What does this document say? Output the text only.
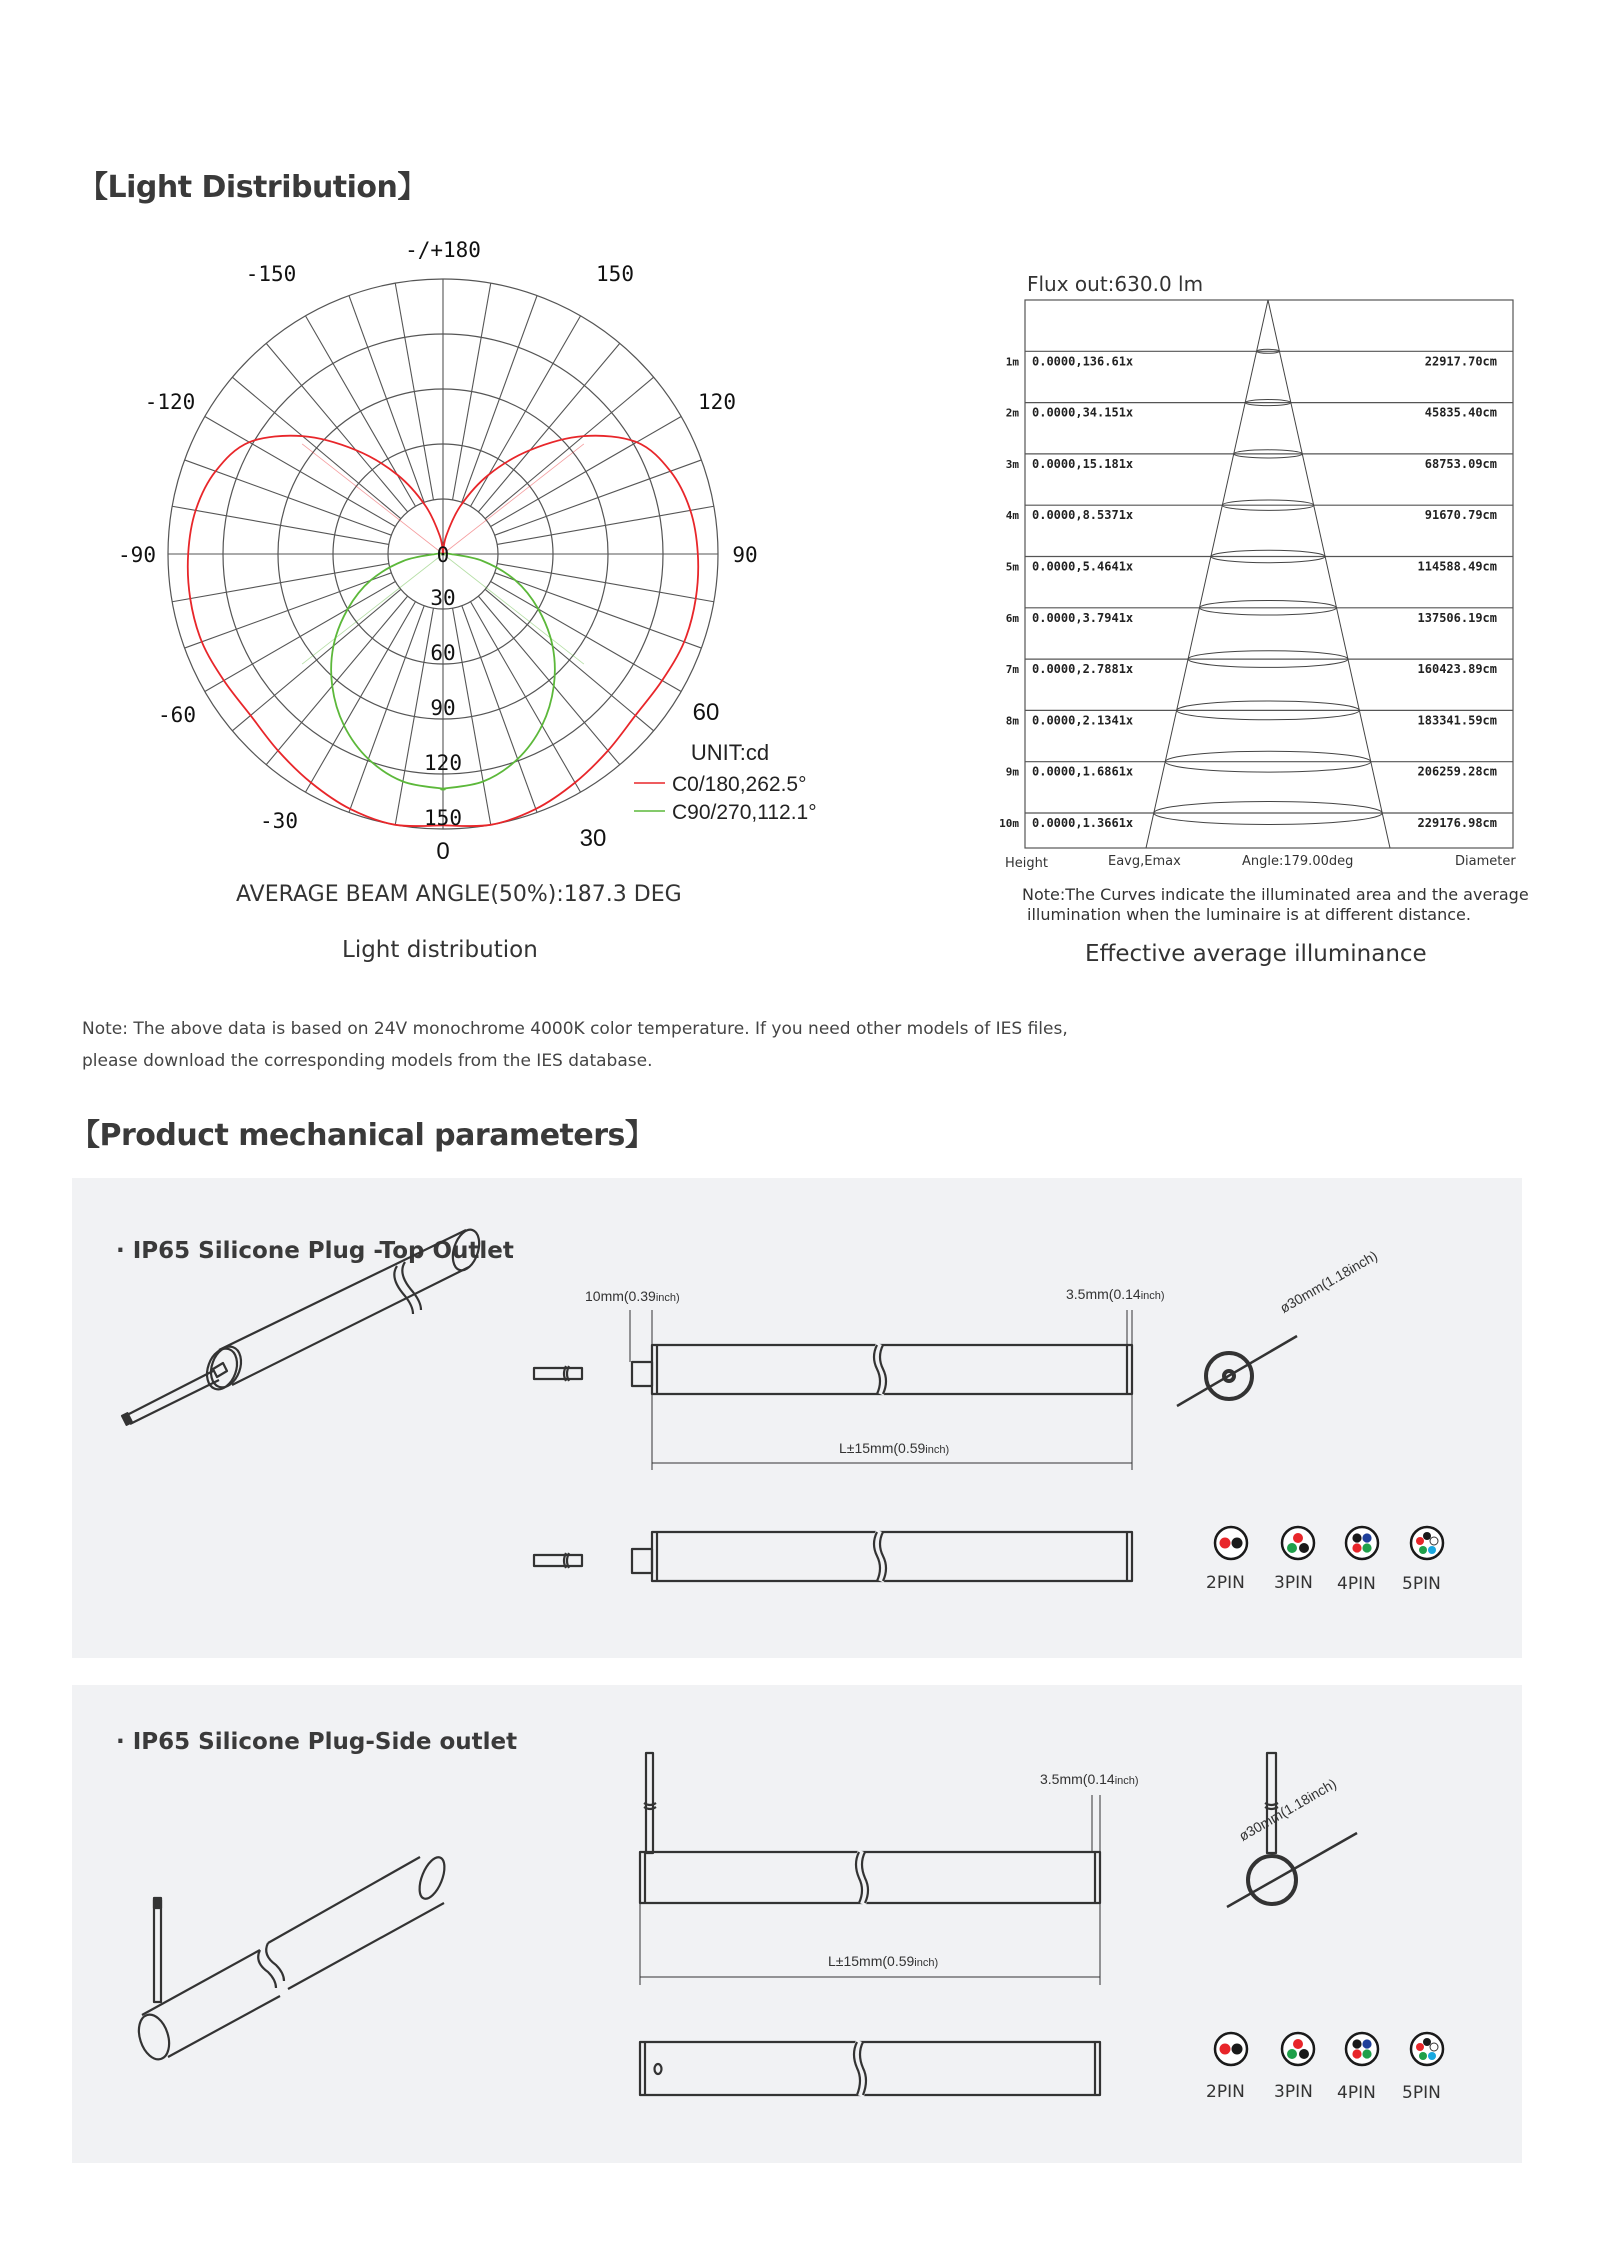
【Light Distribution】
0
30
60
90
120
150
-/+180
-150	150
-120	120
-90	90
-60	60
-30
30
0
UNIT:cd
C0/180,262.5°
C90/270,112.1°
AVERAGE BEAM ANGLE(50%):187.3 DEG
Light distribution
Flux out:630.0 lm
1m 0.0000,136.61x	22917.70cm
2m 0.0000,34.151x	45835.40cm
3m 0.0000,15.181x	68753.09cm
4m 0.0000,8.5371x	91670.79cm
5m 0.0000,5.4641x	114588.49cm
6m 0.0000,3.7941x	137506.19cm
7m 0.0000,2.7881x	160423.89cm
8m 0.0000,2.1341x	183341.59cm
9m 0.0000,1.6861x	206259.28cm
10m 0.0000,1.3661x	229176.98cm
Height	Eavg,Emax	Angle:179.00deg	Diameter
Note:The Curves indicate the illuminated area and the average
illumination when the luminaire is at different distance.
Effective average illuminance
Note: The above data is based on 24V monochrome 4000K color temperature. If you need other models of IES files,
please download the corresponding models from the IES database.
【Product mechanical parameters】
· IP65 Silicone Plug -Top Outlet
10mm(0.39inch)	3.5mm(0.14inch)
L±15mm(0.59inch)
ø30mm(1.18inch)
2PIN 3PIN 4PIN 5PIN
· IP65 Silicone Plug-Side outlet
3.5mm(0.14inch)
L±15mm(0.59inch)
ø30mm(1.18inch)
2PIN 3PIN 4PIN 5PIN
